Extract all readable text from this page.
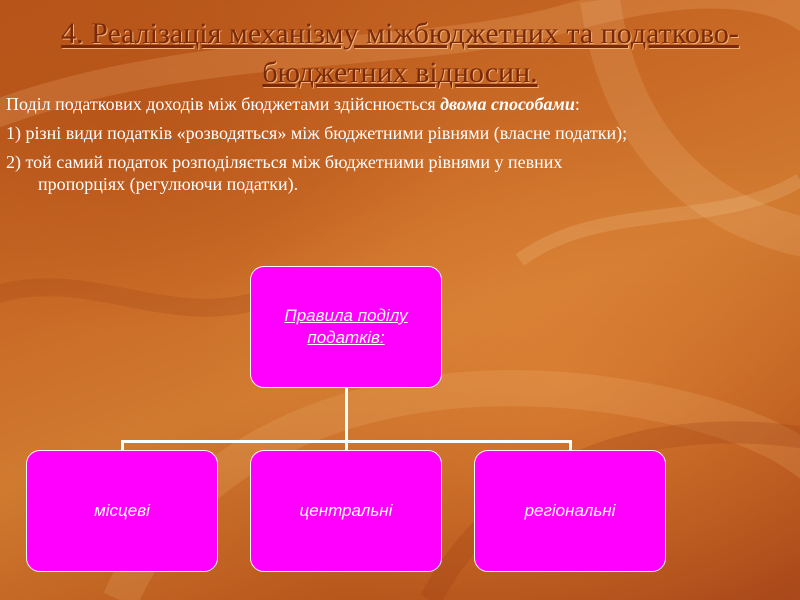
4. Реалізація механізму міжбюджетних та податково-бюджетних відносин.

Поділ податкових доходів між бюджетами здійснюється двома способами:

1) різні види податків «розводяться» між бюджетними рівнями (власне податки);

2) той самий податок розподіляється між бюджетними рівнями у певних пропорціях (регулюючи податки).

Правила поділу податків:
місцеві	центральні	регіональні
